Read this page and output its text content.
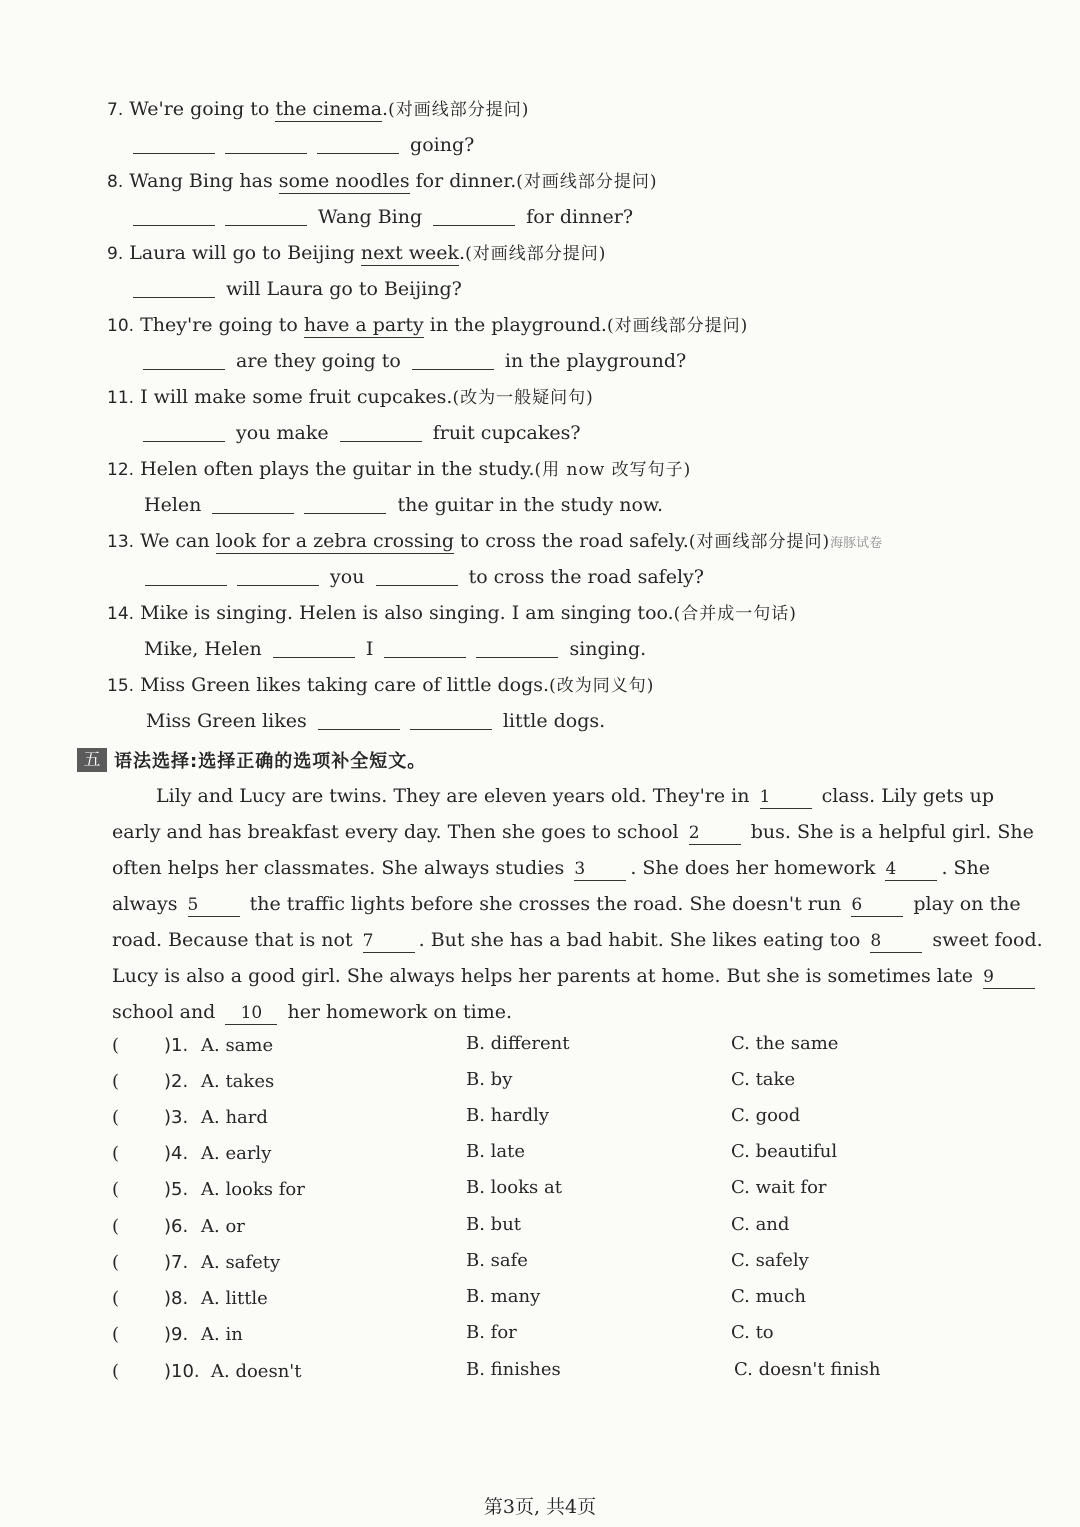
7. We're going to the cinema.(对画线部分提问)
going?
8. Wang Bing has some noodles for dinner.(对画线部分提问)
Wang Bing	for dinner?
9. Laura will go to Beijing next week.(对画线部分提问)
will Laura go to Beijing?
10. They're going to have a party in the playground.(对画线部分提问)
are they going to	in the playground?
11. I will make some fruit cupcakes.(改为一般疑问句)
you make	fruit cupcakes?
12. Helen often plays the guitar in the study.(用 now 改写句子)
Helen	the guitar in the study now.
13. We can look for a zebra crossing to cross the road safely.(对画线部分提问)海豚试卷
you	to cross the road safely?
14. Mike is singing. Helen is also singing. I am singing too.(合并成一句话)
Mike, Helen	I	singing.
15. Miss Green likes taking care of little dogs.(改为同义句)
Miss Green likes	little dogs.
五 语法选择:选择正确的选项补全短文。
Lily and Lucy are twins. They are eleven years old. They're in 1	class. Lily gets up
early and has breakfast every day. Then she goes to school 2	bus. She is a helpful girl. She
often helps her classmates. She always studies 3 . She does her homework 4 . She
always 5	the traffic lights before she crosses the road. She doesn't run 6	play on the
road. Because that is not 7 . But she has a bad habit. She likes eating too 8	sweet food.
Lucy is also a good girl. She always helps her parents at home. But she is sometimes late 9
school and 10 her homework on time.
( )1. A. same	B. different	C. the same
( )2. A. takes	B. by	C. take
( )3. A. hard	B. hardly	C. good
( )4. A. early	B. late	C. beautiful
( )5. A. looks for	B. looks at	C. wait for
( )6. A. or	B. but	C. and
( )7. A. safety	B. safe	C. safely
( )8. A. little	B. many	C. much
( )9. A. in	B. for	C. to
( )10. A. doesn't	B. finishes	C. doesn't finish
第3页, 共4页
